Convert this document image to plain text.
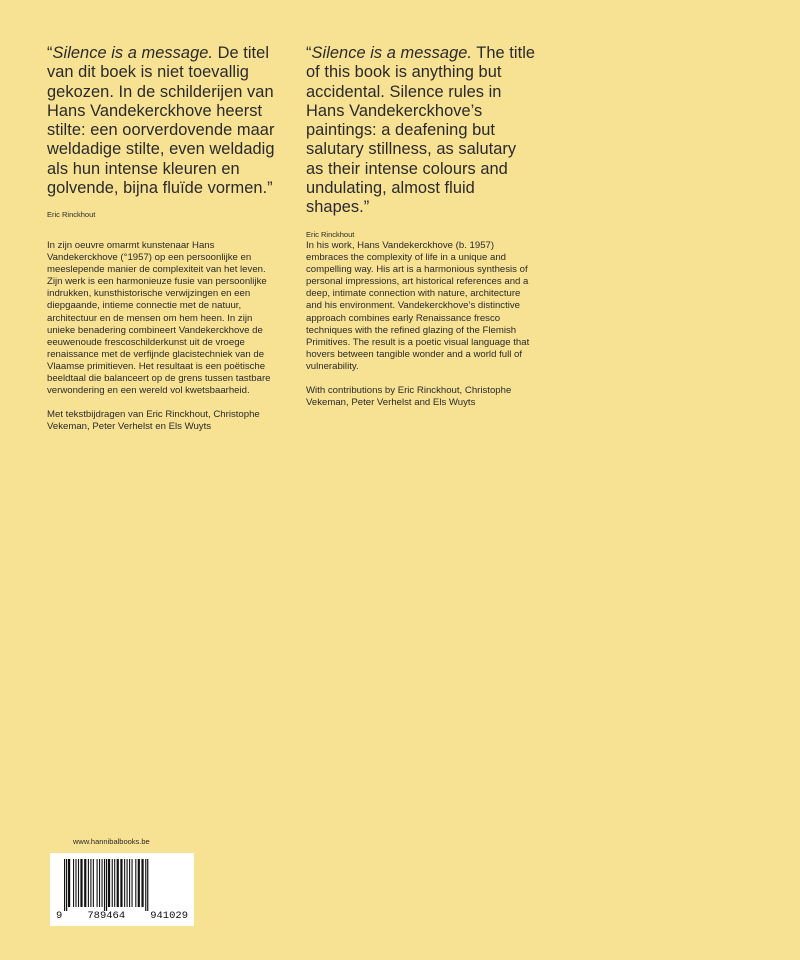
“Silence is a message. De titel van dit boek is niet toevallig gekozen. In de schilderijen van Hans Vandekerckhove heerst stilte: een oorverdovende maar weldadige stilte, even weldadig als hun intense kleuren en golvende, bijna fluïde vormen.”

Eric Rinckhout

“Silence is a message. The title of this book is anything but accidental. Silence rules in Hans Vandekerckhove’s paintings: a deafening but salutary stillness, as salutary as their intense colours and undulating, almost fluid shapes.”

Eric Rinckhout

In zijn oeuvre omarmt kunstenaar Hans Vandekerckhove (°1957) op een persoonlijke en meeslepende manier de complexiteit van het leven. Zijn werk is een harmonieuze fusie van persoonlijke indrukken, kunsthistorische verwijzingen en een diepgaande, intieme connectie met de natuur, architectuur en de mensen om hem heen. In zijn unieke benadering combineert Vandekerckhove de eeuwenoude frescoschilderkunst uit de vroege renaissance met de verfijnde glacistechniek van de Vlaamse primitieven. Het resultaat is een poëtische beeldtaal die balanceert op de grens tussen tastbare verwondering en een wereld vol kwetsbaarheid.

Met tekstbijdragen van Eric Rinckhout, Christophe Vekeman, Peter Verhelst en Els Wuyts

In his work, Hans Vandekerckhove (b. 1957) embraces the complexity of life in a unique and compelling way. His art is a harmonious synthesis of personal impressions, art historical references and a deep, intimate connection with nature, architecture and his environment. Vandekerckhove’s distinctive approach combines early Renaissance fresco techniques with the refined glazing of the Flemish Primitives. The result is a poetic visual language that hovers between tangible wonder and a world full of vulnerability.

With contributions by Eric Rinckhout, Christophe Vekeman, Peter Verhelst and Els Wuyts

www.hannibalbooks.be
9 789464 941029
